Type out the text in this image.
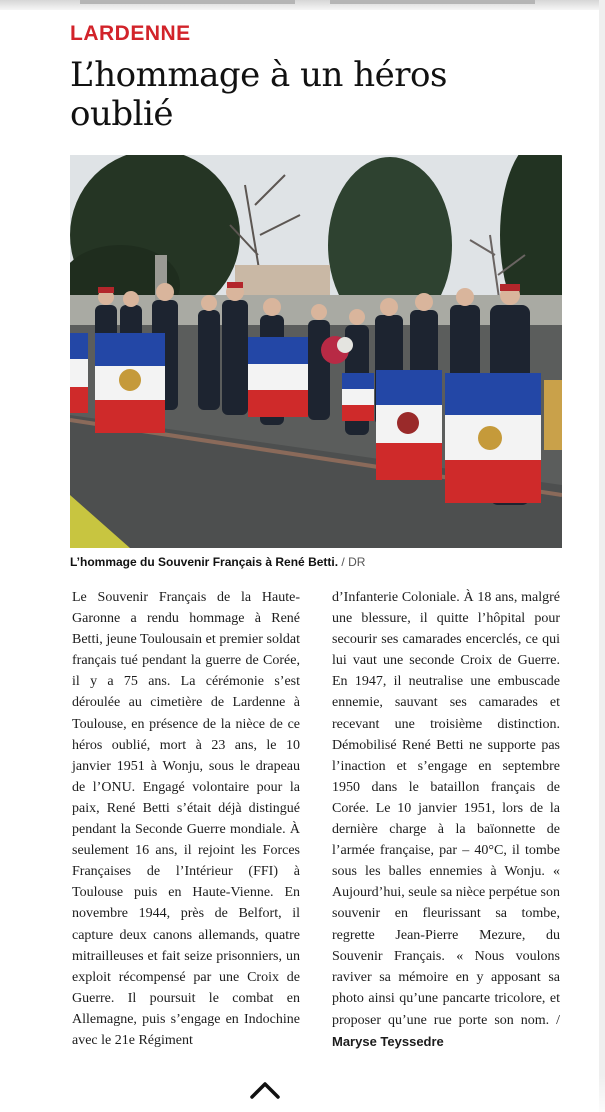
LARDENNE
L’hommage à un héros oublié
L’hommage du Souvenir Français à René Betti. / DR

Le Souvenir Français de la Haute-Garonne a rendu hommage à René Betti, jeune Toulousain et premier soldat français tué pendant la guerre de Corée, il y a 75 ans. La cérémonie s’est déroulée au cimetière de Lardenne à Toulouse, en présence de la nièce de ce héros oublié, mort à 23 ans, le 10 janvier 1951 à Wonju, sous le drapeau de l’ONU. Engagé volontaire pour la paix, René Betti s’était déjà distingué pendant la Seconde Guerre mondiale. À seulement 16 ans, il rejoint les Forces Françaises de l’Intérieur (FFI) à Toulouse puis en Haute-Vienne. En novembre 1944, près de Belfort, il capture deux canons allemands, quatre mitrailleuses et fait seize prisonniers, un exploit récompensé par une Croix de Guerre. Il poursuit le combat en Allemagne, puis s’engage en Indochine avec le 21e Régiment

d’Infanterie Coloniale. À 18 ans, malgré une blessure, il quitte l’hôpital pour secourir ses camarades encerclés, ce qui lui vaut une seconde Croix de Guerre. En 1947, il neutralise une embuscade ennemie, sauvant ses camarades et recevant une troisième distinction. Démobilisé René Betti ne supporte pas l’inaction et s’engage en septembre 1950 dans le bataillon français de Corée. Le 10 janvier 1951, lors de la dernière charge à la baïonnette de l’armée française, par – 40°C, il tombe sous les balles ennemies à Wonju. « Aujourd’hui, seule sa nièce perpétue son souvenir en fleurissant sa tombe, regrette Jean-Pierre Mezure, du Souvenir Français. « Nous voulons raviver sa mémoire en y apposant sa photo ainsi qu’une pancarte tricolore, et proposer qu’une rue porte son nom. / Maryse Teyssedre
